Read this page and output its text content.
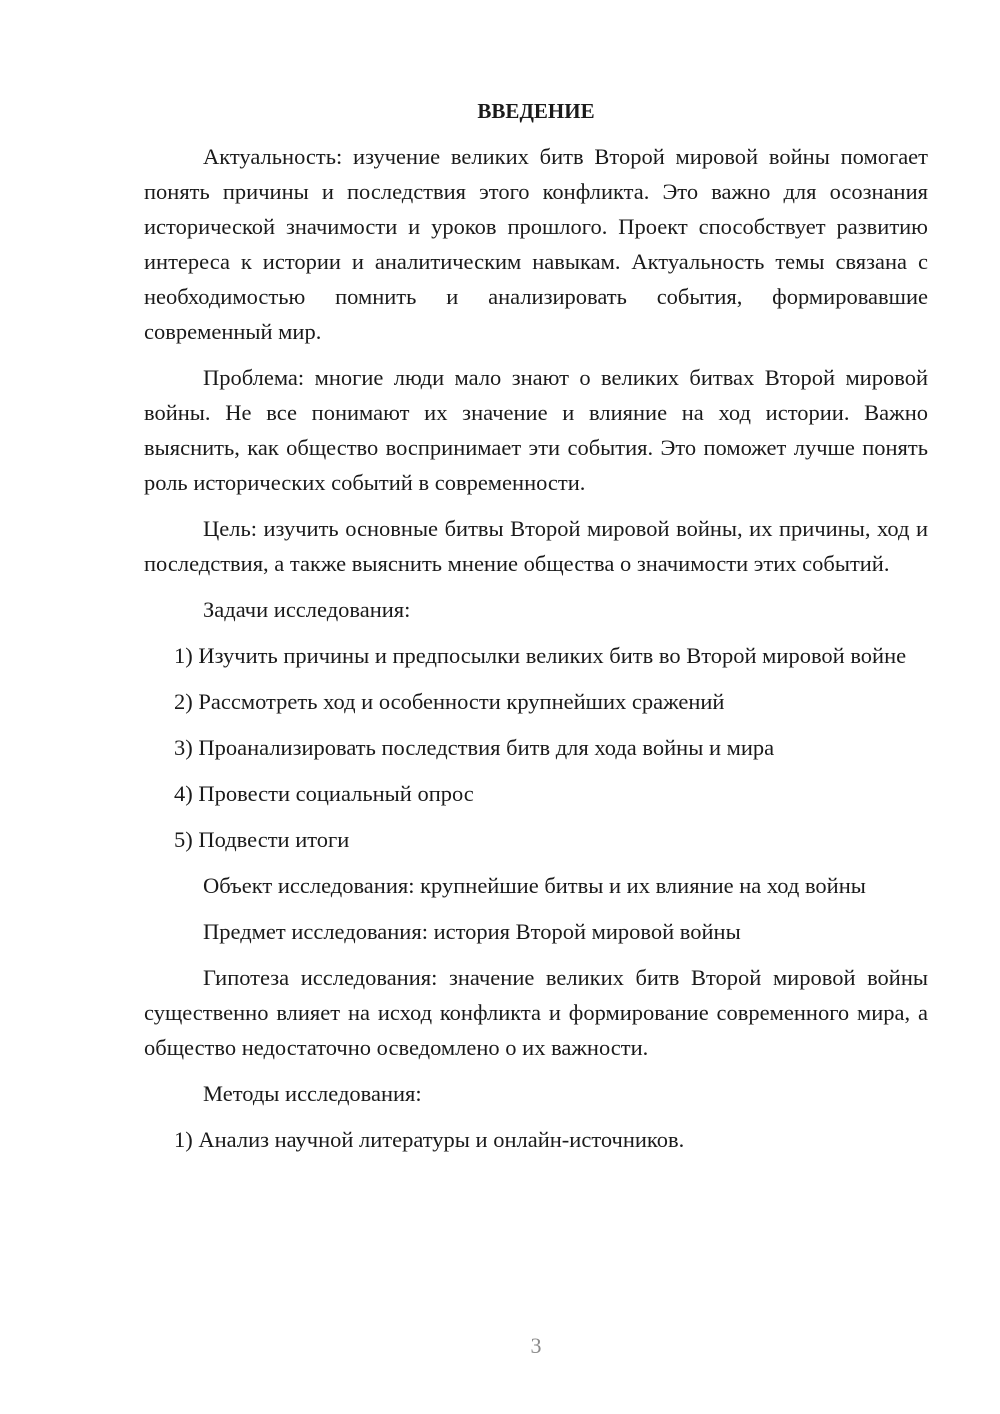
ВВЕДЕНИЕ

Актуальность: изучение великих битв Второй мировой войны помогает понять причины и последствия этого конфликта. Это важно для осознания исторической значимости и уроков прошлого. Проект способствует развитию интереса к истории и аналитическим навыкам. Актуальность темы связана с необходимостью помнить и анализировать события, формировавшие современный мир.

Проблема: многие люди мало знают о великих битвах Второй мировой войны. Не все понимают их значение и влияние на ход истории. Важно выяснить, как общество воспринимает эти события. Это поможет лучше понять роль исторических событий в современности.

Цель: изучить основные битвы Второй мировой войны, их причины, ход и последствия, а также выяснить мнение общества о значимости этих событий.

Задачи исследования:

1) Изучить причины и предпосылки великих битв во Второй мировой войне

2) Рассмотреть ход и особенности крупнейших сражений

3) Проанализировать последствия битв для хода войны и мира

4) Провести социальный опрос

5) Подвести итоги

Объект исследования: крупнейшие битвы и их влияние на ход войны

Предмет исследования: история Второй мировой войны

Гипотеза исследования: значение великих битв Второй мировой войны существенно влияет на исход конфликта и формирование современного мира, а общество недостаточно осведомлено о их важности.

Методы исследования:

1) Анализ научной литературы и онлайн-источников.

3
